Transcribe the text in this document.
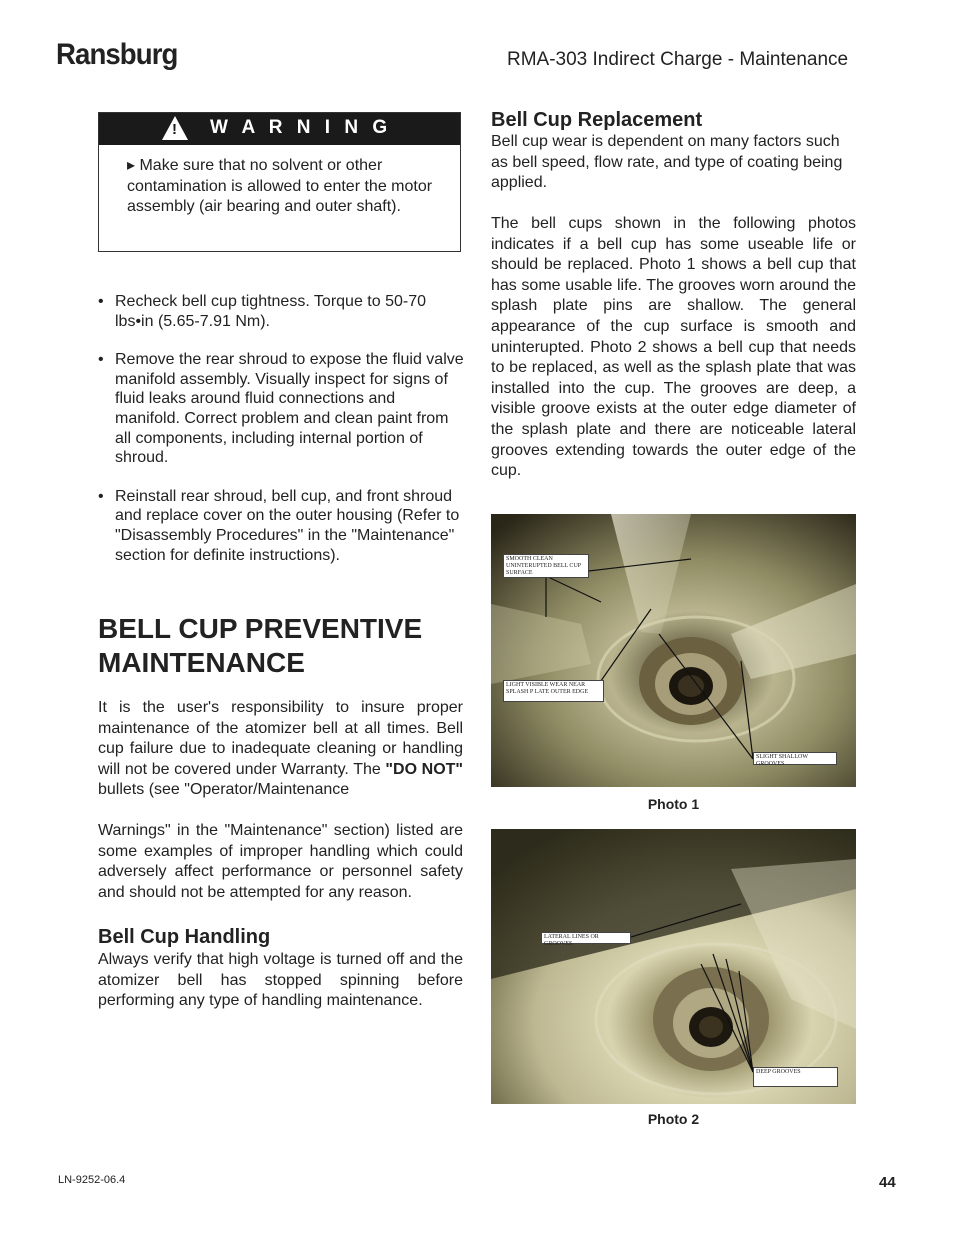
Ransburg	RMA-303 Indirect Charge - Maintenance
! W A R N I N G
▸ Make sure that no solvent or other contamination is allowed to enter the motor assembly (air bearing and outer shaft).
• Recheck bell cup tightness. Torque to 50-70 lbs•in (5.65-7.91 Nm).
• Remove the rear shroud to expose the fluid valve manifold assembly. Visually inspect for signs of fluid leaks around fluid connections and manifold. Correct problem and clean paint from all components, including internal portion of shroud.
• Reinstall rear shroud, bell cup, and front shroud and replace cover on the outer housing (Refer to "Disassembly Procedures" in the "Maintenance" section for definite instructions).
BELL CUP PREVENTIVE MAINTENANCE
It is the user's responsibility to insure proper maintenance of the atomizer bell at all times. Bell cup failure due to inadequate cleaning or handling will not be covered under Warranty. The "DO NOT" bullets (see "Operator/Maintenance
Warnings" in the "Maintenance" section) listed are some examples of improper handling which could adversely affect performance or personnel safety and should not be attempted for any reason.
Bell Cup Handling
Always verify that high voltage is turned off and the atomizer bell has stopped spinning before performing any type of handling maintenance.
Bell Cup Replacement
Bell cup wear is dependent on many factors such as bell speed, flow rate, and type of coating being applied.
The bell cups shown in the following photos indicates if a bell cup has some useable life or should be replaced. Photo 1 shows a bell cup that has some usable life. The grooves worn around the splash plate pins are shallow. The general appearance of the cup surface is smooth and uninterupted. Photo 2 shows a bell cup that needs to be replaced, as well as the splash plate that was installed into the cup. The grooves are deep, a visible groove exists at the outer edge diameter of the splash plate and there are noticeable lateral grooves extending towards the outer edge of the cup.
SMOOTH CLEAN UNINTERUPTED BELL CUP SURFACE
LIGHT VISIBLE WEAR NEAR SPLASH P LATE OUTER EDGE
SLIGHT SHALLOW GROOVES
Photo 1
LATERAL LINES OR GROOVES
DEEP GROOVES
Photo 2
LN-9252-06.4	44
